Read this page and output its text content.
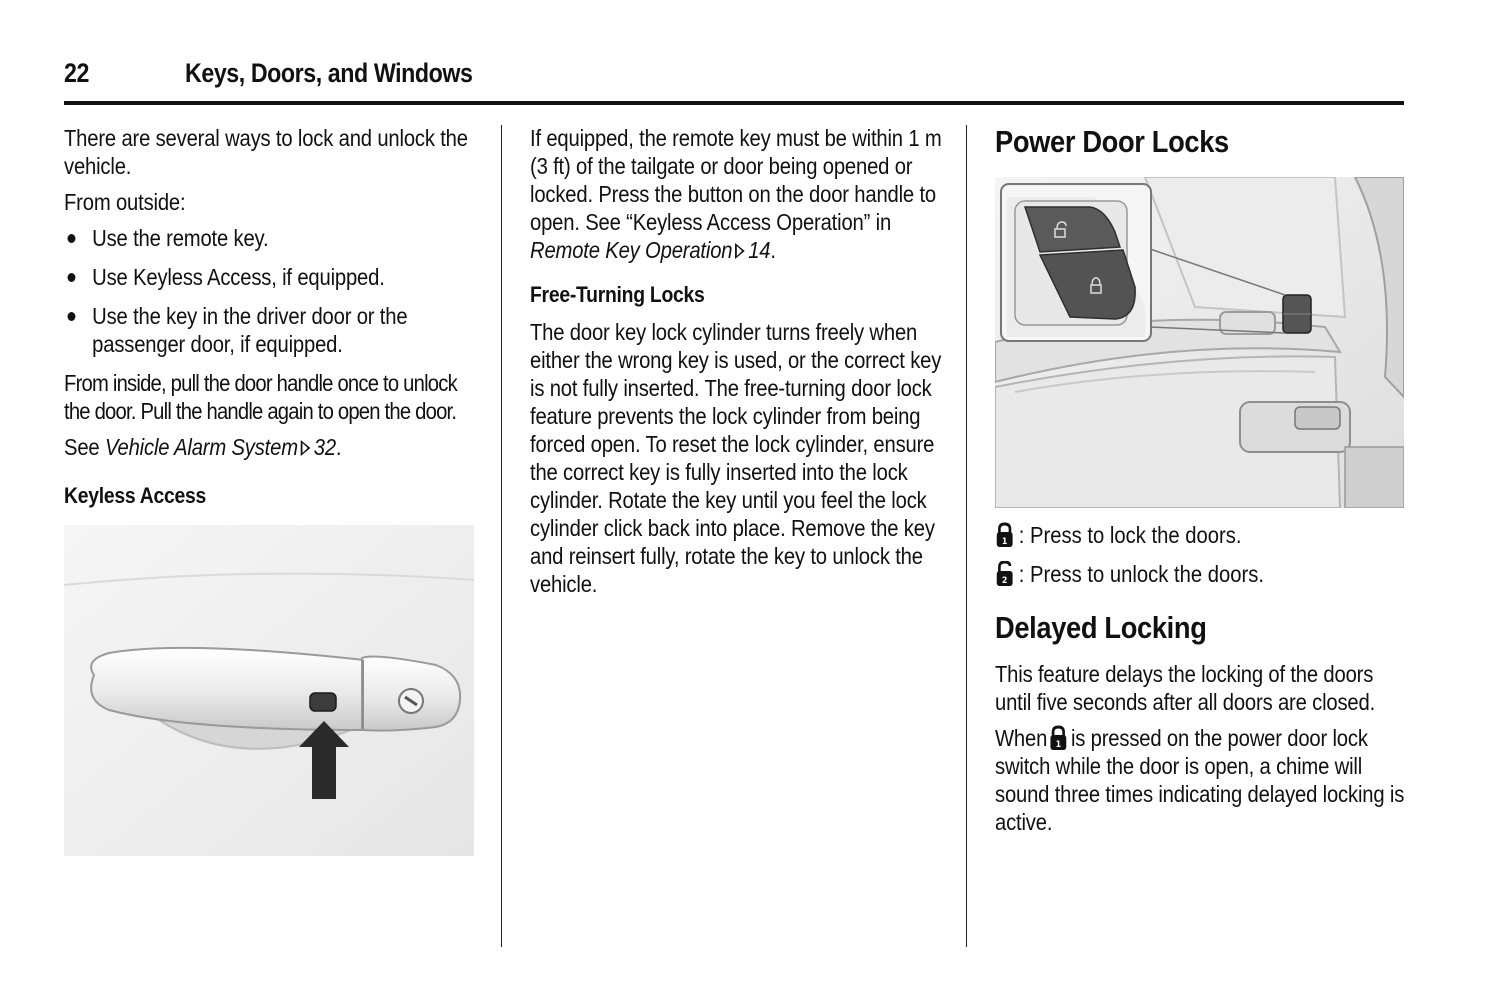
22	Keys, Doors, and Windows

There are several ways to lock and unlock the vehicle.

From outside:

Use the remote key.
Use Keyless Access, if equipped.
Use the key in the driver door or the passenger door, if equipped.

From inside, pull the door handle once to unlock the door. Pull the handle again to open the door.

See Vehicle Alarm System 32.

Keyless Access

If equipped, the remote key must be within 1 m (3 ft) of the tailgate or door being opened or locked. Press the button on the door handle to open. See “Keyless Access Operation” in Remote Key Operation 14.

Free-Turning Locks

The door key lock cylinder turns freely when either the wrong key is used, or the correct key is not fully inserted. The free-turning door lock feature prevents the lock cylinder from being forced open. To reset the lock cylinder, ensure the correct key is fully inserted into the lock cylinder. Rotate the key until you feel the lock cylinder click back into place. Remove the key and reinsert fully, rotate the key to unlock the vehicle.

Power Door Locks
1 : Press to lock the doors.
2 : Press to unlock the doors.
Delayed Locking

This feature delays the locking of the doors until five seconds after all doors are closed.

When 1 is pressed on the power door lock switch while the door is open, a chime will sound three times indicating delayed locking is active.
